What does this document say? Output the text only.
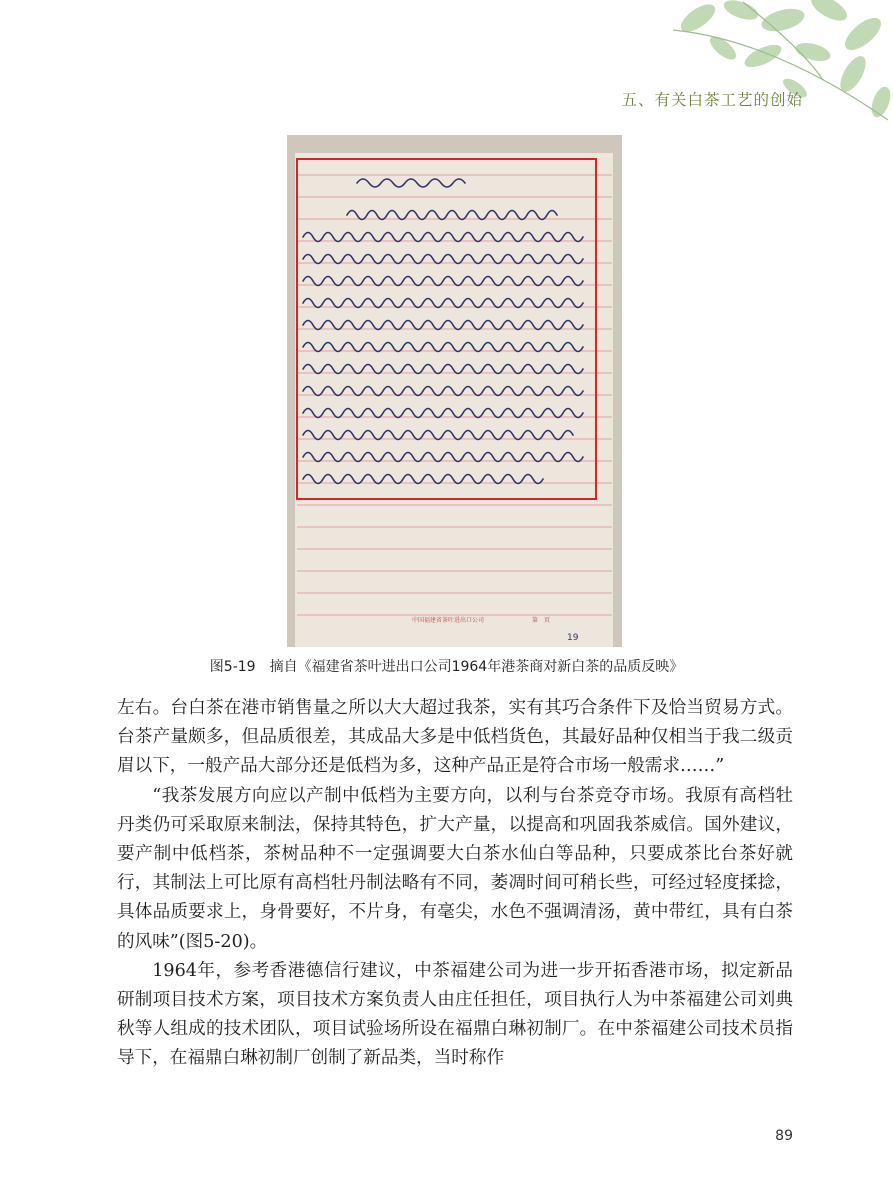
五、有关白茶工艺的创始
中国福建省茶叶进出口公司	第　页
19
图5-19　摘自《福建省茶叶进出口公司1964年港茶商对新白茶的品质反映》

左右。台白茶在港市销售量之所以大大超过我茶，实有其巧合条件下及恰当贸易方式。台茶产量颇多，但品质很差，其成品大多是中低档货色，其最好品种仅相当于我二级贡眉以下，一般产品大部分还是低档为多，这种产品正是符合市场一般需求……”

“我茶发展方向应以产制中低档为主要方向，以利与台茶竞夺市场。我原有高档牡丹类仍可采取原来制法，保持其特色，扩大产量，以提高和巩固我茶威信。国外建议，要产制中低档茶，茶树品种不一定强调要大白茶水仙白等品种，只要成茶比台茶好就行，其制法上可比原有高档牡丹制法略有不同，萎凋时间可稍长些，可经过轻度揉捻，具体品质要求上，身骨要好，不片身，有毫尖，水色不强调清汤，黄中带红，具有白茶的风味”(图5-20)。

1964年，参考香港德信行建议，中茶福建公司为进一步开拓香港市场，拟定新品研制项目技术方案，项目技术方案负责人由庄任担任，项目执行人为中茶福建公司刘典秋等人组成的技术团队，项目试验场所设在福鼎白琳初制厂。在中茶福建公司技术员指导下，在福鼎白琳初制厂创制了新品类，当时称作

89
